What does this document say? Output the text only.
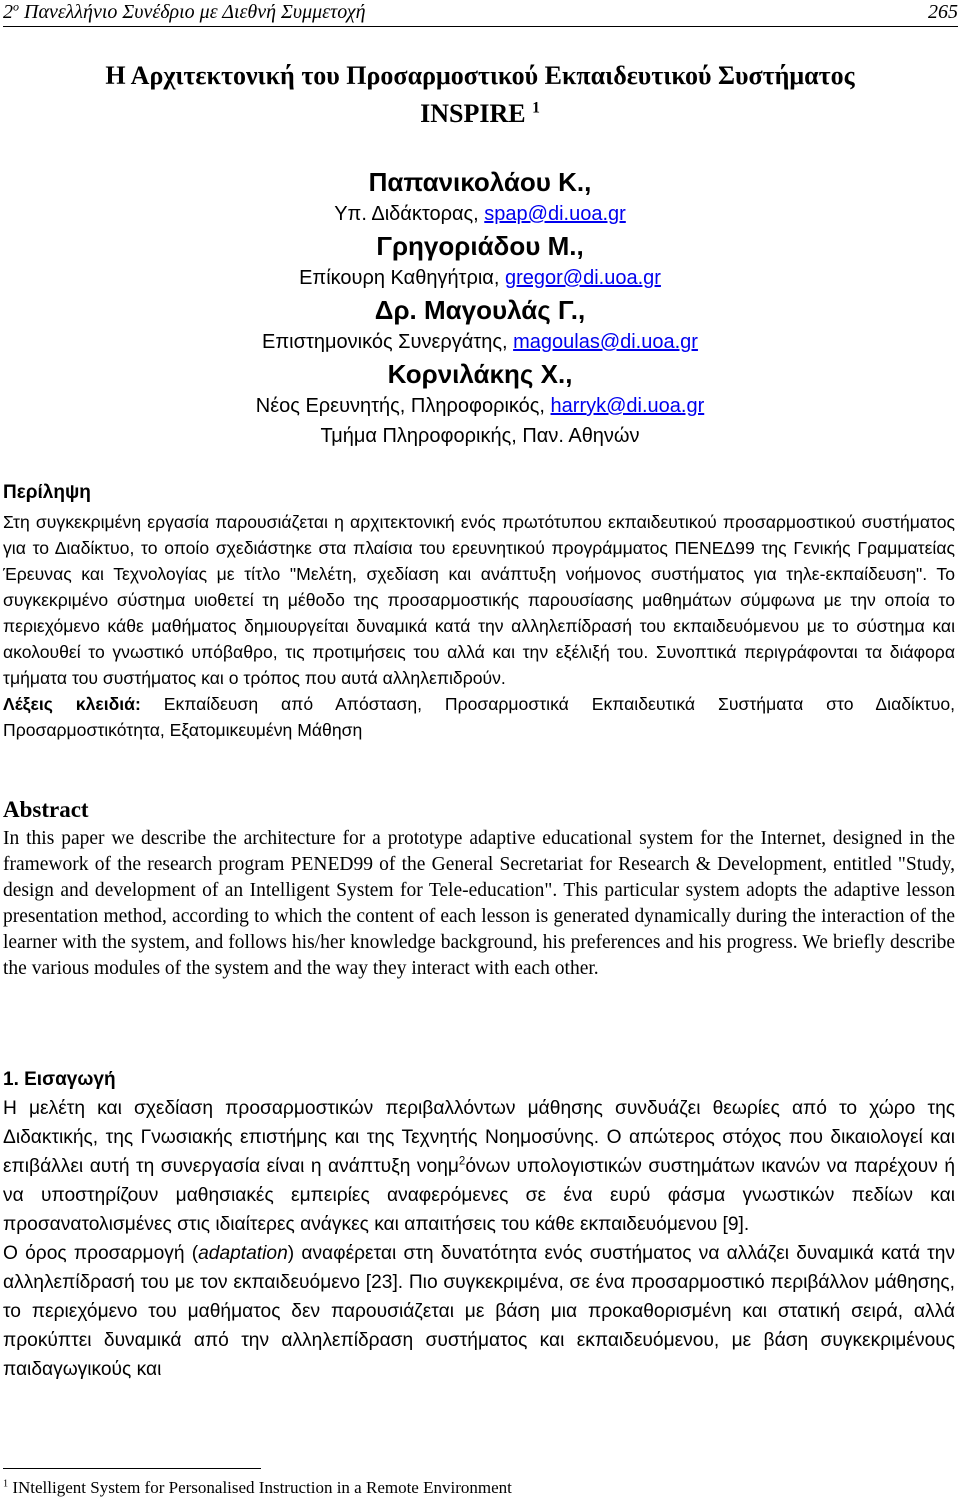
2$^o$ Πανελλήνιο Συνέδριο με Διεθνή Συμμετοχή	265
Η Αρχιτεκτονική του Προσαρμοστικού Εκπαιδευτικού Συστήματος
INSPIRE $^1$
Παπανικολάου Κ.,
Υπ. Διδάκτορας, spap@di.uoa.gr
Γρηγοριάδου Μ.,
Επίκουρη Καθηγήτρια, gregor@di.uoa.gr
Δρ. Μαγουλάς Γ.,
Επιστημονικός Συνεργάτης, magoulas@di.uoa.gr
Κορνιλάκης Χ.,
Νέος Ερευνητής, Πληροφορικός, harryk@di.uoa.gr
Τμήμα Πληροφορικής, Παν. Αθηνών
Περίληψη
Στη συγκεκριμένη εργασία παρουσιάζεται η αρχιτεκτονική ενός πρωτότυπου εκπαιδευτικού προσαρμοστικού συστήματος για το Διαδίκτυο, το οποίο σχεδιάστηκε στα πλαίσια του ερευνητικού προγράμματος ΠΕΝΕΔ99 της Γενικής Γραμματείας Έρευνας και Τεχνολογίας με τίτλο "Μελέτη, σχεδίαση και ανάπτυξη νοήμονος συστήματος για τηλε-εκπαίδευση". Το συγκεκριμένο σύστημα υιοθετεί τη μέθοδο της προσαρμοστικής παρουσίασης μαθημάτων σύμφωνα με την οποία το περιεχόμενο κάθε μαθήματος δημιουργείται δυναμικά κατά την αλληλεπίδρασή του εκπαιδευόμενου με το σύστημα και ακολουθεί το γνωστικό υπόβαθρο, τις προτιμήσεις του αλλά και την εξέλιξή του. Συνοπτικά περιγράφονται τα διάφορα τμήματα του συστήματος και ο τρόπος που αυτά αλληλεπιδρούν.
Λέξεις κλειδιά: Εκπαίδευση από Απόσταση, Προσαρμοστικά Εκπαιδευτικά Συστήματα στο Διαδίκτυο, Προσαρμοστικότητα, Εξατομικευμένη Μάθηση
Abstract
In this paper we describe the architecture for a prototype adaptive educational system for the Internet, designed in the framework of the research program PENED99 of the General Secretariat for Research & Development, entitled "Study, design and development of an Intelligent System for Tele-education". This particular system adopts the adaptive lesson presentation method, according to which the content of each lesson is generated dynamically during the interaction of the learner with the system, and follows his/her knowledge background, his preferences and his progress. We briefly describe the various modules of the system and the way they interact with each other.
1. Εισαγωγή
Η μελέτη και σχεδίαση προσαρμοστικών περιβαλλόντων μάθησης συνδυάζει θεωρίες από το χώρο της Διδακτικής, της Γνωσιακής επιστήμης και της Τεχνητής Νοημοσύνης. Ο απώτερος στόχος που δικαιολογεί και επιβάλλει αυτή τη συνεργασία είναι η ανάπτυξη νοημ$^2$όνων υπολογιστικών συστημάτων ικανών να παρέχουν ή να υποστηρίζουν μαθησιακές εμπειρίες αναφερόμενες σε ένα ευρύ φάσμα γνωστικών πεδίων και προσανατολισμένες στις ιδιαίτερες ανάγκες και απαιτήσεις του κάθε εκπαιδευόμενου [9].
Ο όρος προσαρμογή (adaptation) αναφέρεται στη δυνατότητα ενός συστήματος να αλλάζει δυναμικά κατά την αλληλεπίδρασή του με τον εκπαιδευόμενο [23]. Πιο συγκεκριμένα, σε ένα προσαρμοστικό περιβάλλον μάθησης, το περιεχόμενο του μαθήματος δεν παρουσιάζεται με βάση μια προκαθορισμένη και στατική σειρά, αλλά προκύπτει δυναμικά από την αλληλεπίδραση συστήματος και εκπαιδευόμενου, με βάση συγκεκριμένους παιδαγωγικούς και
$^1$ INtelligent System for Personalised Instruction in a Remote Environment
